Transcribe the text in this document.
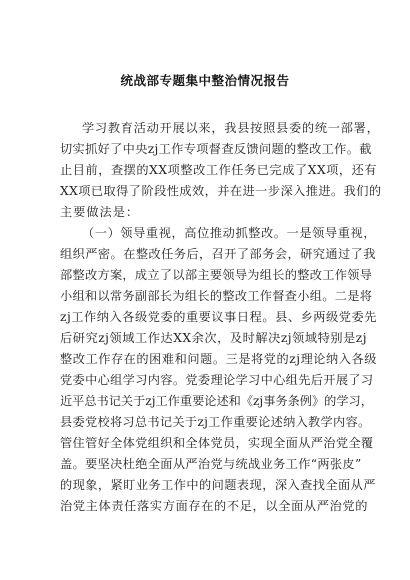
统战部专题集中整治情况报告
学习教育活动开展以来，我县按照县委的统一部署，
切实抓好了中央zj工作专项督查反馈问题的整改工作。截
止目前，查摆的XX项整改工作任务已完成了XX项，还有
XX项已取得了阶段性成效，并在进一步深入推进。我们的
主要做法是：
（一）领导重视，高位推动抓整改。一是领导重视，
组织严密。在整改任务后，召开了部务会，研究通过了我
部整改方案，成立了以部主要领导为组长的整改工作领导
小组和以常务副部长为组长的整改工作督查小组。二是将
zj工作纳入各级党委的重要议事日程。县、乡两级党委先
后研究zj领域工作达XX余次，及时解决zj领域特别是zj
整改工作存在的困难和问题。三是将党的zj理论纳入各级
党委中心组学习内容。党委理论学习中心组先后开展了习
近平总书记关于zj工作重要论述和《zj事务条例》的学习，
县委党校将习总书记关于zj工作重要论述纳入教学内容。
管住管好全体党组织和全体党员，实现全面从严治党全覆
盖。要坚决杜绝全面从严治党与统战业务工作“两张皮”
的现象，紧盯业务工作中的问题表现，深入查找全面从严
治党主体责任落实方面存在的不足，以全面从严治党的
